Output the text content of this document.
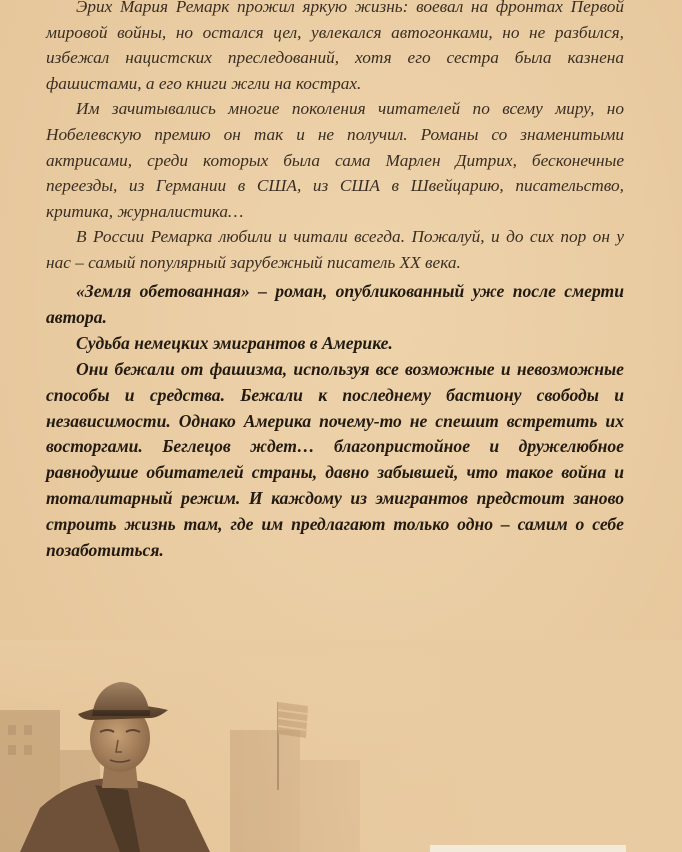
Эрих Мария Ремарк прожил яркую жизнь: воевал на фронтах Первой мировой войны, но остался цел, увлекался автогонками, но не разбился, избежал нацистских преследований, хотя его сестра была казнена фашистами, а его книги жгли на кострах.

Им зачитывались многие поколения читателей по всему миру, но Нобелевскую премию он так и не получил. Романы со знаменитыми актрисами, среди которых была сама Марлен Дитрих, бесконечные переезды, из Германии в США, из США в Швейцарию, писательство, критика, журналистика…

В России Ремарка любили и читали всегда. Пожалуй, и до сих пор он у нас – самый популярный зарубежный писатель XX века.

«Земля обетованная» – роман, опубликованный уже после смерти автора.

Судьба немецких эмигрантов в Америке.

Они бежали от фашизма, используя все возможные и невозможные способы и средства. Бежали к последнему бастиону свободы и независимости. Однако Америка почему-то не спешит встретить их восторгами. Беглецов ждет… благопристойное и дружелюбное равнодушие обитателей страны, давно забывшей, что такое война и тоталитарный режим. И каждому из эмигрантов предстоит заново строить жизнь там, где им предлагают только одно – самим о себе позаботиться.
